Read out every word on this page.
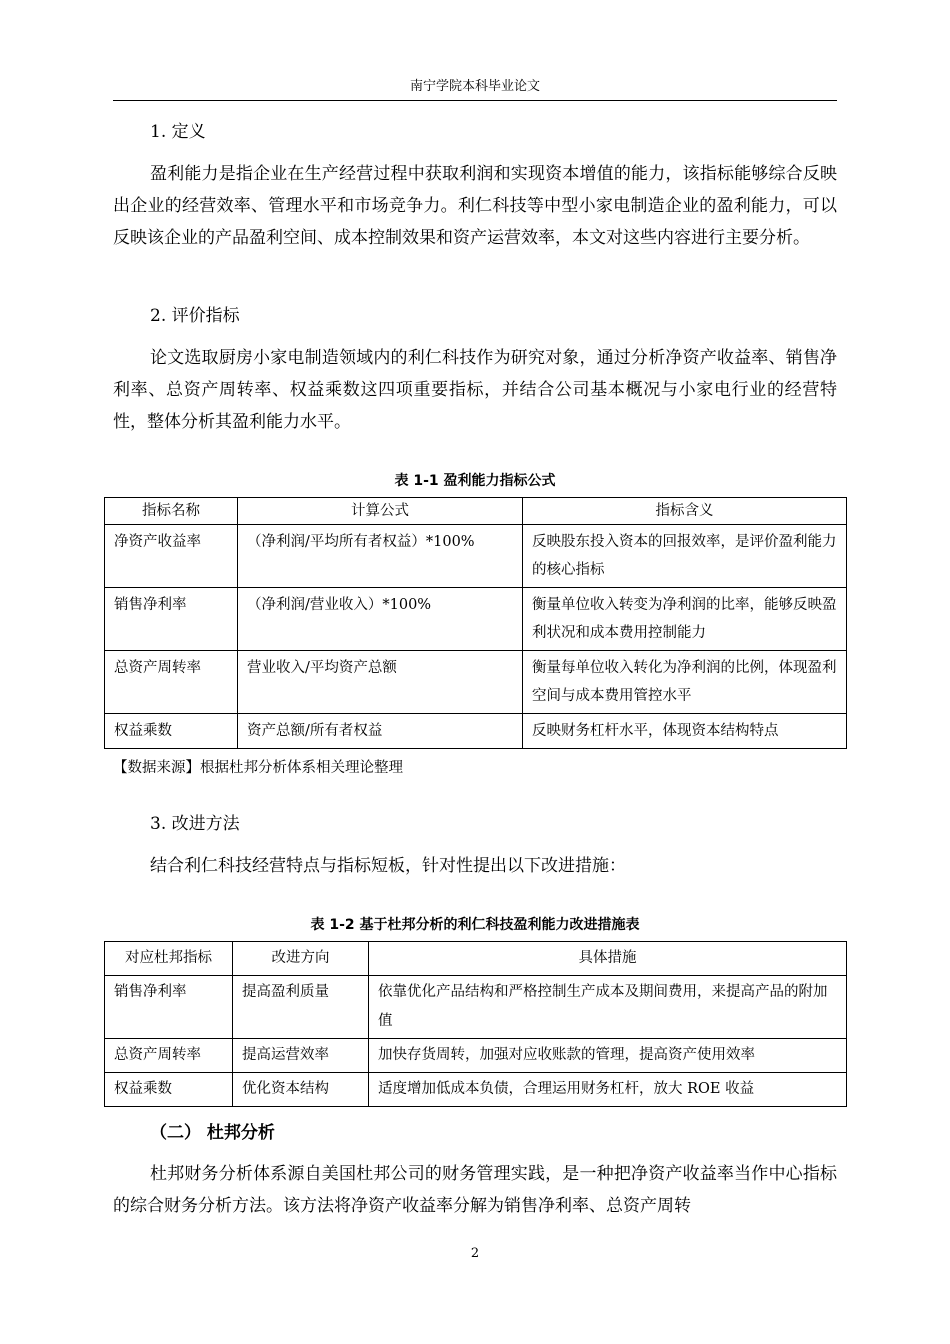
南宁学院本科毕业论文
1. 定义

盈利能力是指企业在生产经营过程中获取利润和实现资本增值的能力，该指标能够综合反映出企业的经营效率、管理水平和市场竞争力。利仁科技等中型小家电制造企业的盈利能力，可以反映该企业的产品盈利空间、成本控制效果和资产运营效率，本文对这些内容进行主要分析。

2. 评价指标

论文选取厨房小家电制造领域内的利仁科技作为研究对象，通过分析净资产收益率、销售净利率、总资产周转率、权益乘数这四项重要指标，并结合公司基本概况与小家电行业的经营特性，整体分析其盈利能力水平。

表 1-1 盈利能力指标公式
指标名称	计算公式	指标含义
净资产收益率	（净利润/平均所有者权益）*100%	反映股东投入资本的回报效率，是评价盈利能力的核心指标
销售净利率	（净利润/营业收入）*100%	衡量单位收入转变为净利润的比率，能够反映盈利状况和成本费用控制能力
总资产周转率	营业收入/平均资产总额	衡量每单位收入转化为净利润的比例，体现盈利空间与成本费用管控水平
权益乘数	资产总额/所有者权益	反映财务杠杆水平，体现资本结构特点
【数据来源】根据杜邦分析体系相关理论整理
3. 改进方法

结合利仁科技经营特点与指标短板，针对性提出以下改进措施：

表 1-2 基于杜邦分析的利仁科技盈利能力改进措施表
对应杜邦指标	改进方向	具体措施
销售净利率	提高盈利质量	依靠优化产品结构和严格控制生产成本及期间费用，来提高产品的附加值
总资产周转率	提高运营效率	加快存货周转，加强对应收账款的管理，提高资产使用效率
权益乘数	优化资本结构	适度增加低成本负债，合理运用财务杠杆，放大 ROE 收益
（二） 杜邦分析

杜邦财务分析体系源自美国杜邦公司的财务管理实践，是一种把净资产收益率当作中心指标的综合财务分析方法。该方法将净资产收益率分解为销售净利率、总资产周转

2
